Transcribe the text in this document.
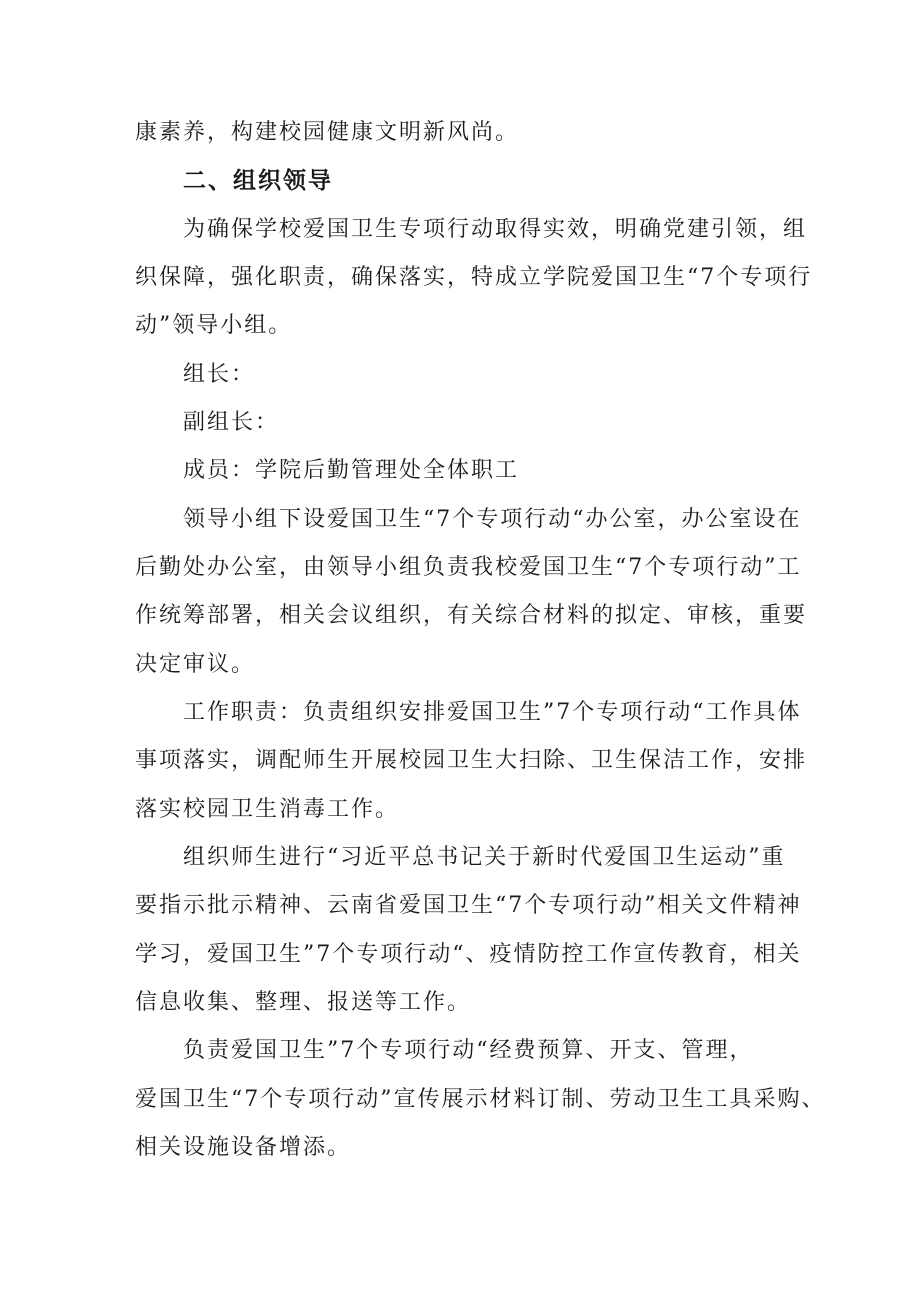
康素养，构建校园健康文明新风尚。

二、组织领导

为确保学校爱国卫生专项行动取得实效，明确党建引领，组

织保障，强化职责，确保落实，特成立学院爱国卫生“7个专项行

动”领导小组。

组长：

副组长：

成员：学院后勤管理处全体职工

领导小组下设爱国卫生“7个专项行动“办公室，办公室设在

后勤处办公室，由领导小组负责我校爱国卫生“7个专项行动”工

作统筹部署，相关会议组织，有关综合材料的拟定、审核，重要

决定审议。

工作职责：负责组织安排爱国卫生”7个专项行动“工作具体

事项落实，调配师生开展校园卫生大扫除、卫生保洁工作，安排

落实校园卫生消毒工作。

组织师生进行“习近平总书记关于新时代爱国卫生运动”重

要指示批示精神、云南省爱国卫生“7个专项行动”相关文件精神

学习，爱国卫生”7个专项行动“、疫情防控工作宣传教育，相关

信息收集、整理、报送等工作。

负责爱国卫生”7个专项行动“经费预算、开支、管理，

爱国卫生“7个专项行动”宣传展示材料订制、劳动卫生工具采购、

相关设施设备增添。
